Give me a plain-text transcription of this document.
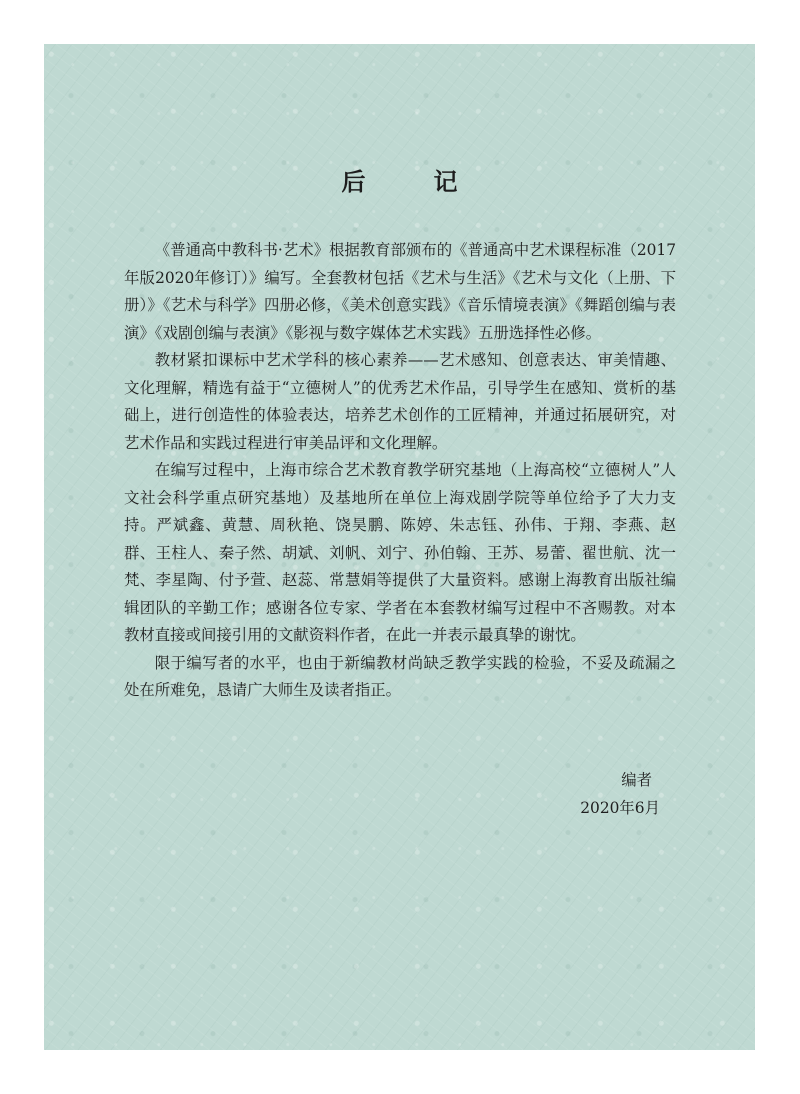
后　记

《普通高中教科书·艺术》根据教育部颁布的《普通高中艺术课程标准（2017年版2020年修订）》编写。全套教材包括《艺术与生活》《艺术与文化（上册、下册）》《艺术与科学》四册必修，《美术创意实践》《音乐情境表演》《舞蹈创编与表演》《戏剧创编与表演》《影视与数字媒体艺术实践》五册选择性必修。

教材紧扣课标中艺术学科的核心素养——艺术感知、创意表达、审美情趣、文化理解，精选有益于“立德树人”的优秀艺术作品，引导学生在感知、赏析的基础上，进行创造性的体验表达，培养艺术创作的工匠精神，并通过拓展研究，对艺术作品和实践过程进行审美品评和文化理解。

在编写过程中，上海市综合艺术教育教学研究基地（上海高校“立德树人”人文社会科学重点研究基地）及基地所在单位上海戏剧学院等单位给予了大力支持。严斌鑫、黄慧、周秋艳、饶昊鹏、陈婷、朱志钰、孙伟、于翔、李燕、赵群、王柱人、秦子然、胡斌、刘帆、刘宁、孙伯翰、王苏、易蕾、翟世航、沈一梵、李星陶、付予萱、赵蕊、常慧娟等提供了大量资料。感谢上海教育出版社编辑团队的辛勤工作；感谢各位专家、学者在本套教材编写过程中不吝赐教。对本教材直接或间接引用的文献资料作者，在此一并表示最真挚的谢忱。

限于编写者的水平，也由于新编教材尚缺乏教学实践的检验，不妥及疏漏之处在所难免，恳请广大师生及读者指正。

编者
2020年6月
